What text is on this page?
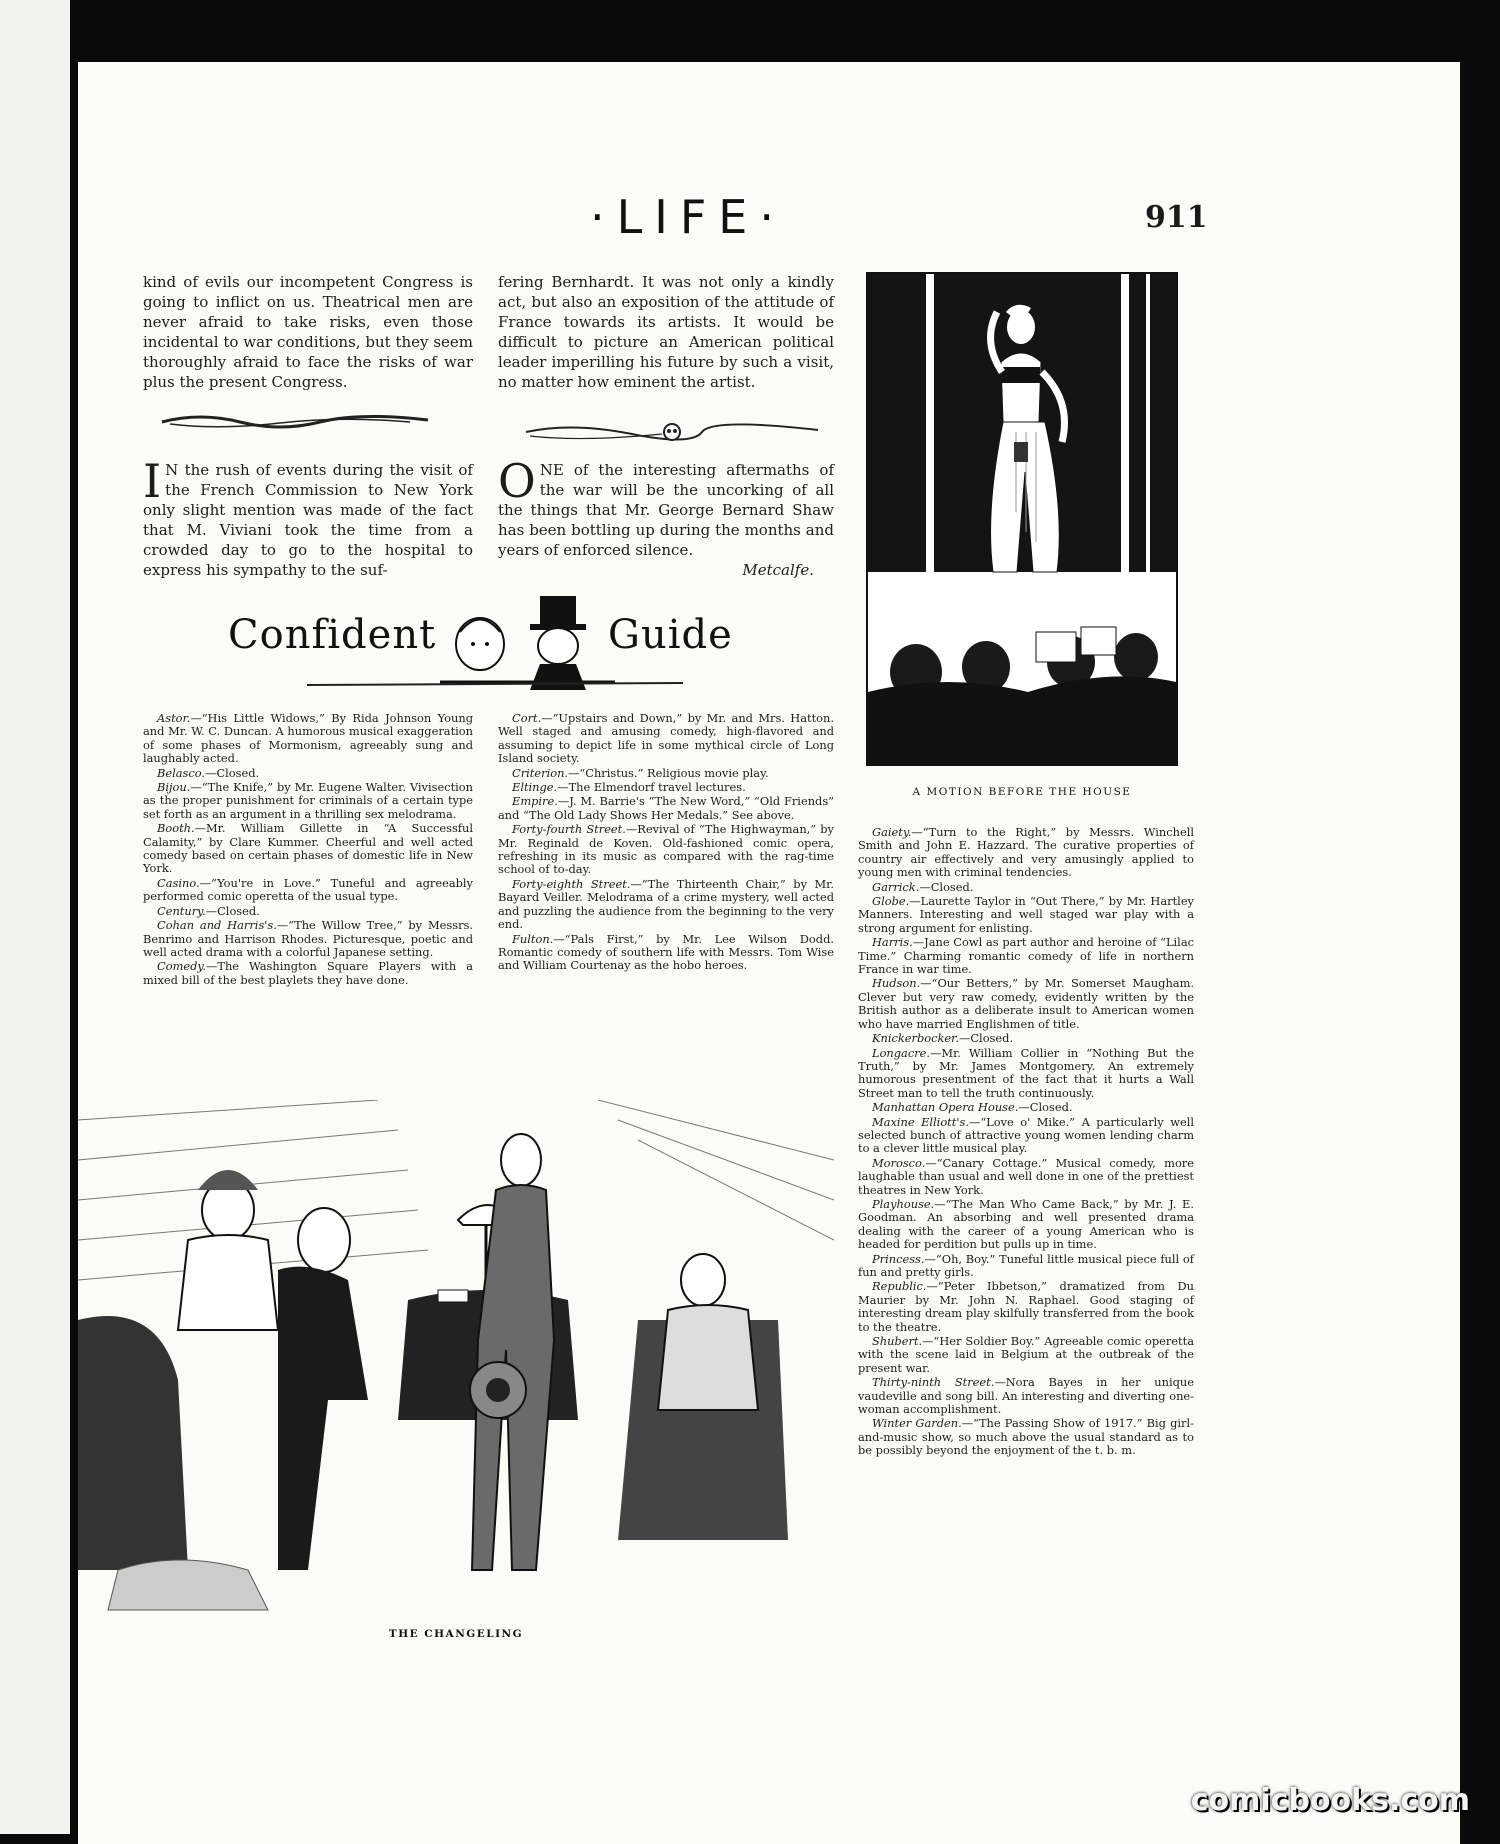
·LIFE·	911

kind of evils our incompetent Congress is going to inflict on us. Theatrical men are never afraid to take risks, even those incidental to war conditions, but they seem thoroughly afraid to face the risks of war plus the present Congress.

I N the rush of events during the visit of the French Commission to New York only slight mention was made of the fact that M. Viviani took the time from a crowded day to go to the hospital to express his sympathy to the suf-

fering Bernhardt. It was not only a kindly act, but also an exposition of the attitude of France towards its artists. It would be difficult to picture an American political leader imperilling his future by such a visit, no matter how eminent the artist.

ONE of the interesting aftermaths of the war will be the uncorking of all the things that Mr. George Bernard Shaw has been bottling up during the months and years of enforced silence.

Metcalfe.
A MOTION BEFORE THE HOUSE
Confident	Guide

Astor.—“His Little Widows,” By Rida Johnson Young and Mr. W. C. Duncan. A humorous musical exaggeration of some phases of Mormonism, agreeably sung and laughably acted.

Belasco.—Closed.

Bijou.—“The Knife,” by Mr. Eugene Walter. Vivisection as the proper punishment for criminals of a certain type set forth as an argument in a thrilling sex melodrama.

Booth.—Mr. William Gillette in “A Successful Calamity,” by Clare Kummer. Cheerful and well acted comedy based on certain phases of domestic life in New York.

Casino.—“You're in Love.” Tuneful and agreeably performed comic operetta of the usual type.

Century.—Closed.

Cohan and Harris's.—“The Willow Tree,” by Messrs. Benrimo and Harrison Rhodes. Picturesque, poetic and well acted drama with a colorful Japanese setting.

Comedy.—The Washington Square Players with a mixed bill of the best playlets they have done.

Cort.—“Upstairs and Down,” by Mr. and Mrs. Hatton. Well staged and amusing comedy, high-flavored and assuming to depict life in some mythical circle of Long Island society.

Criterion.—“Christus.” Religious movie play.

Eltinge.—The Elmendorf travel lectures.

Empire.—J. M. Barrie's “The New Word,” “Old Friends” and “The Old Lady Shows Her Medals.” See above.

Forty-fourth Street.—Revival of “The Highwayman,” by Mr. Reginald de Koven. Old-fashioned comic opera, refreshing in its music as compared with the rag-time school of to-day.

Forty-eighth Street.—“The Thirteenth Chair,” by Mr. Bayard Veiller. Melodrama of a crime mystery, well acted and puzzling the audience from the beginning to the very end.

Fulton.—“Pals First,” by Mr. Lee Wilson Dodd. Romantic comedy of southern life with Messrs. Tom Wise and William Courtenay as the hobo heroes.

Gaiety.—“Turn to the Right,” by Messrs. Winchell Smith and John E. Hazzard. The curative properties of country air effectively and very amusingly applied to young men with criminal tendencies.

Garrick.—Closed.

Globe.—Laurette Taylor in “Out There,” by Mr. Hartley Manners. Interesting and well staged war play with a strong argument for enlisting.

Harris.—Jane Cowl as part author and heroine of “Lilac Time.” Charming romantic comedy of life in northern France in war time.

Hudson.—“Our Betters,” by Mr. Somerset Maugham. Clever but very raw comedy, evidently written by the British author as a deliberate insult to American women who have married Englishmen of title.

Knickerbocker.—Closed.

Longacre.—Mr. William Collier in “Nothing But the Truth,” by Mr. James Montgomery. An extremely humorous presentment of the fact that it hurts a Wall Street man to tell the truth continuously.

Manhattan Opera House.—Closed.

Maxine Elliott's.—“Love o' Mike.” A particularly well selected bunch of attractive young women lending charm to a clever little musical play.

Morosco.—“Canary Cottage.” Musical comedy, more laughable than usual and well done in one of the prettiest theatres in New York.

Playhouse.—“The Man Who Came Back,” by Mr. J. E. Goodman. An absorbing and well presented drama dealing with the career of a young American who is headed for perdition but pulls up in time.

Princess.—“Oh, Boy.” Tuneful little musical piece full of fun and pretty girls.

Republic.—“Peter Ibbetson,” dramatized from Du Maurier by Mr. John N. Raphael. Good staging of interesting dream play skilfully transferred from the book to the theatre.

Shubert.—“Her Soldier Boy.” Agreeable comic operetta with the scene laid in Belgium at the outbreak of the present war.

Thirty-ninth Street.—Nora Bayes in her unique vaudeville and song bill. An interesting and diverting one-woman accomplishment.

Winter Garden.—“The Passing Show of 1917.” Big girl-and-music show, so much above the usual standard as to be possibly beyond the enjoyment of the t. b. m.

THE CHANGELING
comicbooks.com
